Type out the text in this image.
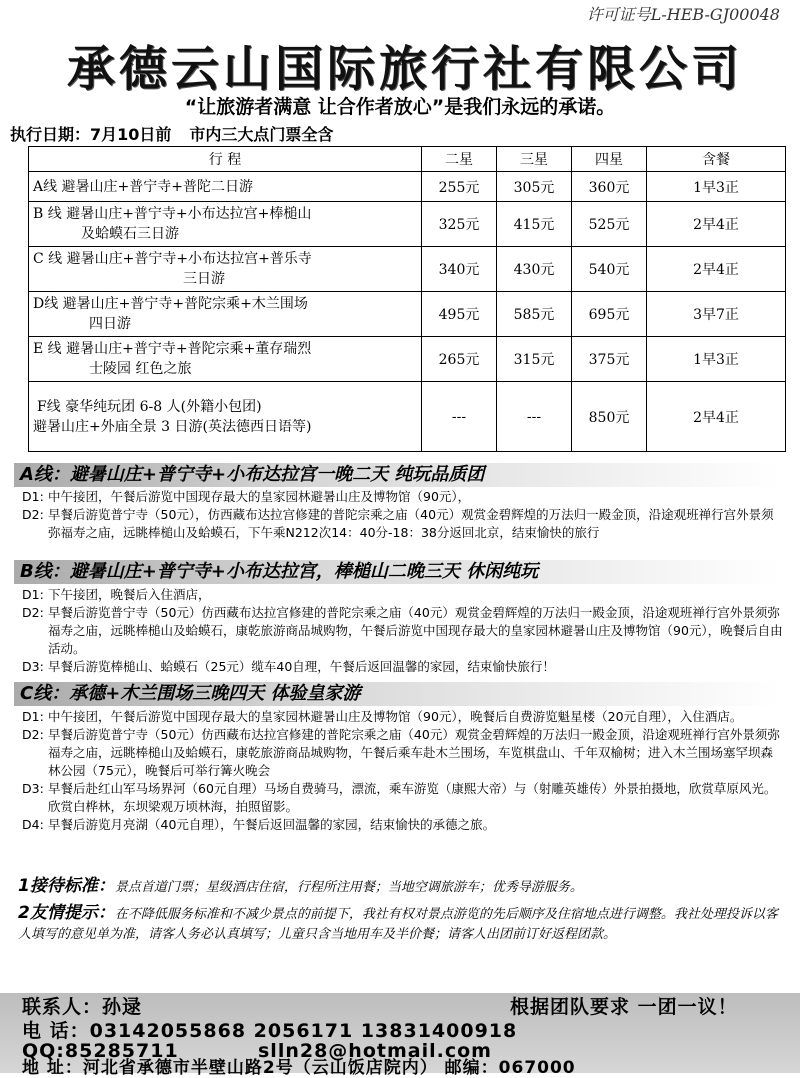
许可证号L-HEB-GJ00048
承德云山国际旅行社有限公司
“让旅游者满意 让合作者放心”是我们永远的承诺。
执行日期：7月10日前 市内三大点门票全含
行 程	二星	三星	四星	含餐
A线 避暑山庄+普宁寺+普陀二日游	255元	305元	360元	1早3正

B 线 避暑山庄+普宁寺+小布达拉宫+棒槌山
及蛤蟆石三日游	325元	415元	525元	2早4正

C 线 避暑山庄+普宁寺+小布达拉宫+普乐寺
三日游	340元	430元	540元	2早4正

D线 避暑山庄+普宁寺+普陀宗乘+木兰围场
四日游	495元	585元	695元	3早7正

E 线 避暑山庄+普宁寺+普陀宗乘+董存瑞烈
士陵园 红色之旅	265元	315元	375元	1早3正

F线 豪华纯玩团 6-8 人(外籍小包团)
避暑山庄+外庙全景 3 日游(英法德西日语等)	---	---	850元	2早4正
A线：避暑山庄+普宁寺+小布达拉宫一晚二天 纯玩品质团
D1: 中午接团，午餐后游览中国现存最大的皇家园林避暑山庄及博物馆（90元），
D2: 早餐后游览普宁寺（50元），仿西藏布达拉宫修建的普陀宗乘之庙（40元）观赏金碧辉煌的万法归一殿金顶，沿途观班禅行宫外景须弥福寿之庙，远眺棒槌山及蛤蟆石，下午乘N212次14：40分-18：38分返回北京，结束愉快的旅行
B线：避暑山庄+普宁寺+小布达拉宫，棒槌山二晚三天 休闲纯玩
D1: 下午接团，晚餐后入住酒店，
D2: 早餐后游览普宁寺（50元）仿西藏布达拉宫修建的普陀宗乘之庙（40元）观赏金碧辉煌的万法归一殿金顶，沿途观班禅行宫外景须弥福寿之庙，远眺棒槌山及蛤蟆石，康乾旅游商品城购物，午餐后游览中国现存最大的皇家园林避暑山庄及博物馆（90元），晚餐后自由活动。
D3: 早餐后游览棒槌山、蛤蟆石（25元）缆车40自理，午餐后返回温馨的家园，结束愉快旅行！
C线：承德+木兰围场三晚四天 体验皇家游
D1: 中午接团，午餐后游览中国现存最大的皇家园林避暑山庄及博物馆（90元），晚餐后自费游览魁星楼（20元自理），入住酒店。
D2: 早餐后游览普宁寺（50元）仿西藏布达拉宫修建的普陀宗乘之庙（40元）观赏金碧辉煌的万法归一殿金顶，沿途观班禅行宫外景须弥福寿之庙，远眺棒槌山及蛤蟆石，康乾旅游商品城购物，午餐后乘车赴木兰围场，车览棋盘山、千年双榆树；进入木兰围场塞罕坝森林公园（75元），晚餐后可举行篝火晚会
D3: 早餐后赴红山军马场界河（60元自理）马场自费骑马，漂流，乘车游览（康熙大帝）与（射雕英雄传）外景拍摄地，欣赏草原风光。欣赏白桦林，东坝梁观万顷林海，拍照留影。
D4: 早餐后游览月亮湖（40元自理），午餐后返回温馨的家园，结束愉快的承德之旅。
1接待标准：景点首道门票；星级酒店住宿，行程所注用餐；当地空调旅游车；优秀导游服务。
2友情提示：在不降低服务标准和不减少景点的前提下，我社有权对景点游览的先后顺序及住宿地点进行调整。我社处理投诉以客人填写的意见单为准，请客人务必认真填写；儿童只含当地用车及半价餐；请客人出团前订好返程团款。
联系人：孙逯	根据团队要求 一团一议！
电 话：03142055868 2056171 13831400918
QQ:85285711	slln28@hotmail.com
地 址：河北省承德市半壁山路2号（云山饭店院内） 邮编：067000
